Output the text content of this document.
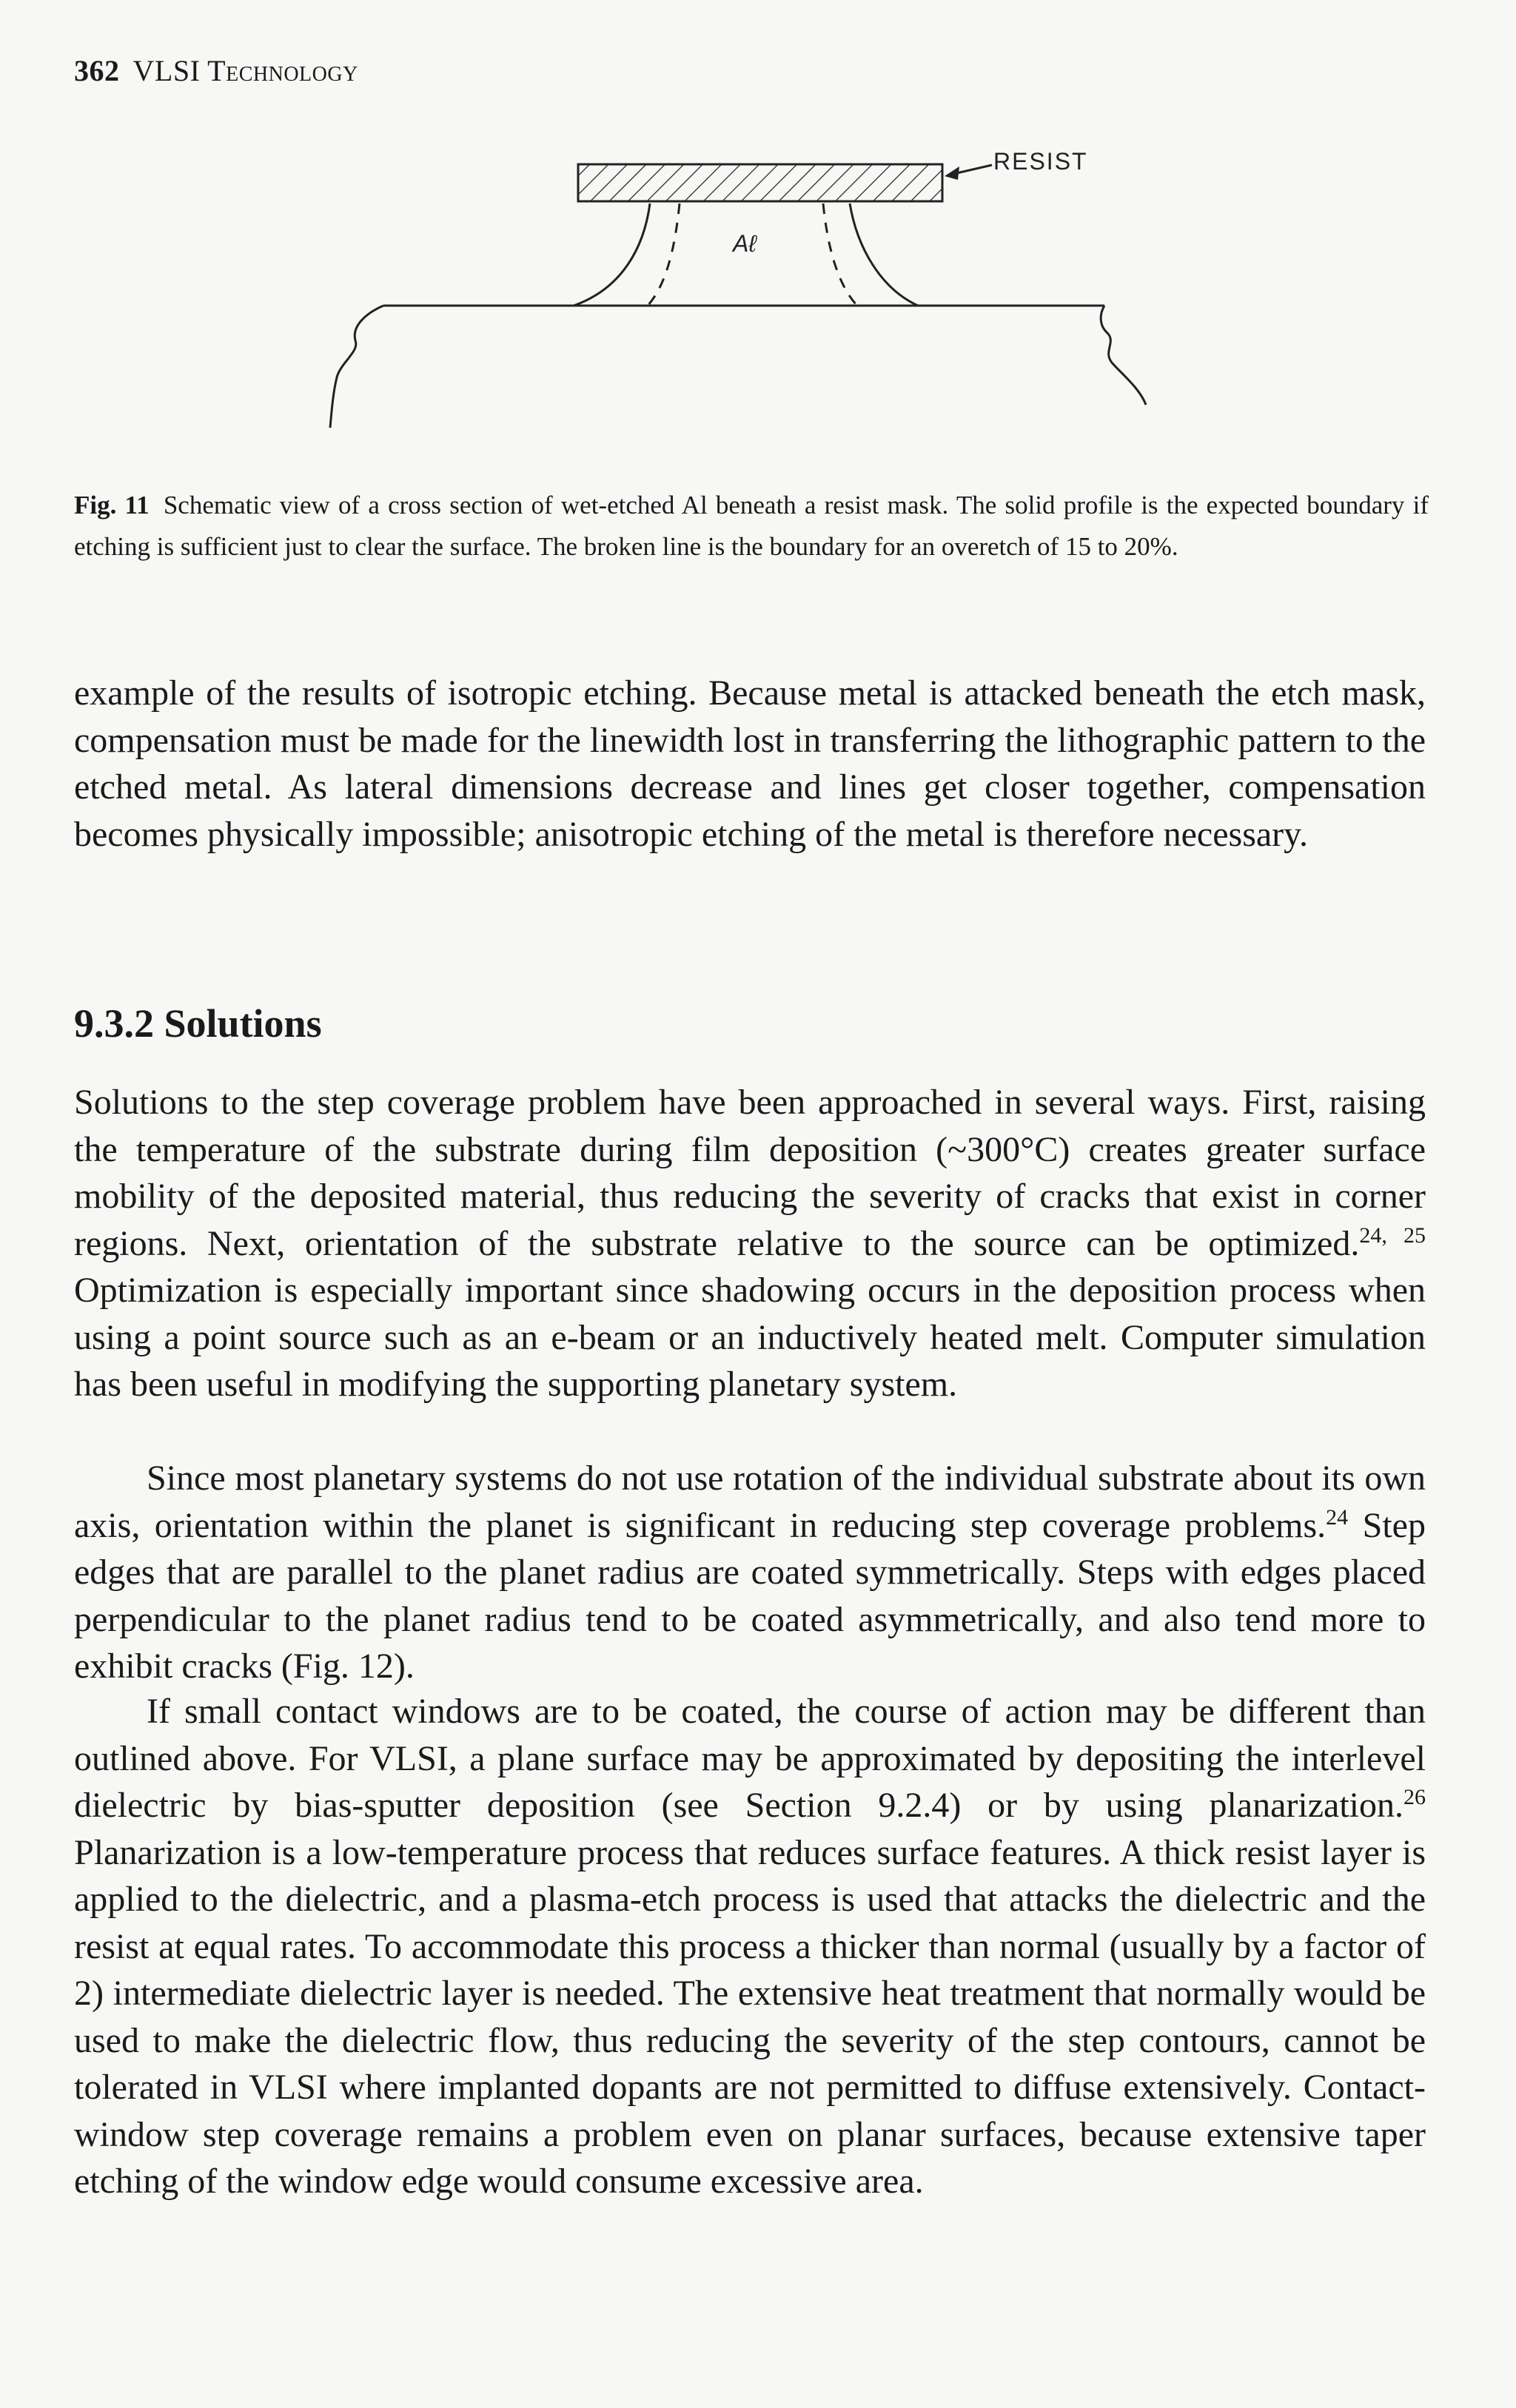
362 VLSI Technology
RESIST
Aℓ
Fig. 11 Schematic view of a cross section of wet-etched Al beneath a resist mask. The solid profile is the expected boundary if etching is sufficient just to clear the surface. The broken line is the boundary for an overetch of 15 to 20%.

example of the results of isotropic etching. Because metal is attacked beneath the etch mask, compensation must be made for the linewidth lost in transferring the lithographic pattern to the etched metal. As lateral dimensions decrease and lines get closer together, compensation becomes physically impossible; anisotropic etching of the metal is therefore necessary.

9.3.2 Solutions

Solutions to the step coverage problem have been approached in several ways. First, raising the temperature of the substrate during film deposition (~300°C) creates greater surface mobility of the deposited material, thus reducing the severity of cracks that exist in corner regions. Next, orientation of the substrate relative to the source can be optimized.$^{24, 25}$ Optimization is especially important since shadowing occurs in the deposition process when using a point source such as an e-beam or an inductively heated melt. Computer simulation has been useful in modifying the supporting planetary system.

Since most planetary systems do not use rotation of the individual substrate about its own axis, orientation within the planet is significant in reducing step coverage problems.$^{24}$ Step edges that are parallel to the planet radius are coated symmetrically. Steps with edges placed perpendicular to the planet radius tend to be coated asymmetrically, and also tend more to exhibit cracks (Fig. 12).

If small contact windows are to be coated, the course of action may be different than outlined above. For VLSI, a plane surface may be approximated by depositing the interlevel dielectric by bias-sputter deposition (see Section 9.2.4) or by using planarization.$^{26}$ Planarization is a low-temperature process that reduces surface features. A thick resist layer is applied to the dielectric, and a plasma-etch process is used that attacks the dielectric and the resist at equal rates. To accommodate this process a thicker than normal (usually by a factor of 2) intermediate dielectric layer is needed. The extensive heat treatment that normally would be used to make the dielectric flow, thus reducing the severity of the step contours, cannot be tolerated in VLSI where implanted dopants are not permitted to diffuse extensively. Contact-window step coverage remains a problem even on planar surfaces, because extensive taper etching of the window edge would consume excessive area.
